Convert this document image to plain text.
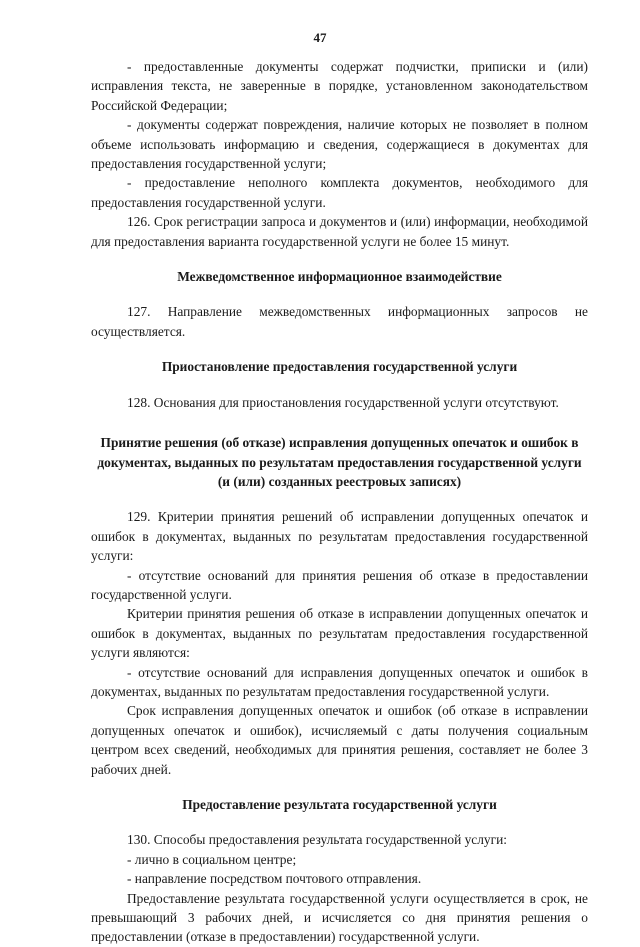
47

- предоставленные документы содержат подчистки, приписки и (или) исправления текста, не заверенные в порядке, установленном законодательством Российской Федерации;

- документы содержат повреждения, наличие которых не позволяет в полном объеме использовать информацию и сведения, содержащиеся в документах для предоставления государственной услуги;

- предоставление неполного комплекта документов, необходимого для предоставления государственной услуги.

126. Срок регистрации запроса и документов и (или) информации, необходимой для предоставления варианта государственной услуги не более 15 минут.

Межведомственное информационное взаимодействие

127. Направление межведомственных информационных запросов не осуществляется.

Приостановление предоставления государственной услуги

128. Основания для приостановления государственной услуги отсутствуют.

Принятие решения (об отказе) исправления допущенных опечаток и ошибок в документах, выданных по результатам предоставления государственной услуги (и (или) созданных реестровых записях)

129. Критерии принятия решений об исправлении допущенных опечаток и ошибок в документах, выданных по результатам предоставления государственной услуги:

- отсутствие оснований для принятия решения об отказе в предоставлении государственной услуги.

Критерии принятия решения об отказе в исправлении допущенных опечаток и ошибок в документах, выданных по результатам предоставления государственной услуги являются:

- отсутствие оснований для исправления допущенных опечаток и ошибок в документах, выданных по результатам предоставления государственной услуги.

Срок исправления допущенных опечаток и ошибок (об отказе в исправлении допущенных опечаток и ошибок), исчисляемый с даты получения социальным центром всех сведений, необходимых для принятия решения, составляет не более 3 рабочих дней.

Предоставление результата государственной услуги

130. Способы предоставления результата государственной услуги:

- лично в социальном центре;

- направление посредством почтового отправления.

Предоставление результата государственной услуги осуществляется в срок, не превышающий 3 рабочих дней, и исчисляется со дня принятия решения о предоставлении (отказе в предоставлении) государственной услуги.
